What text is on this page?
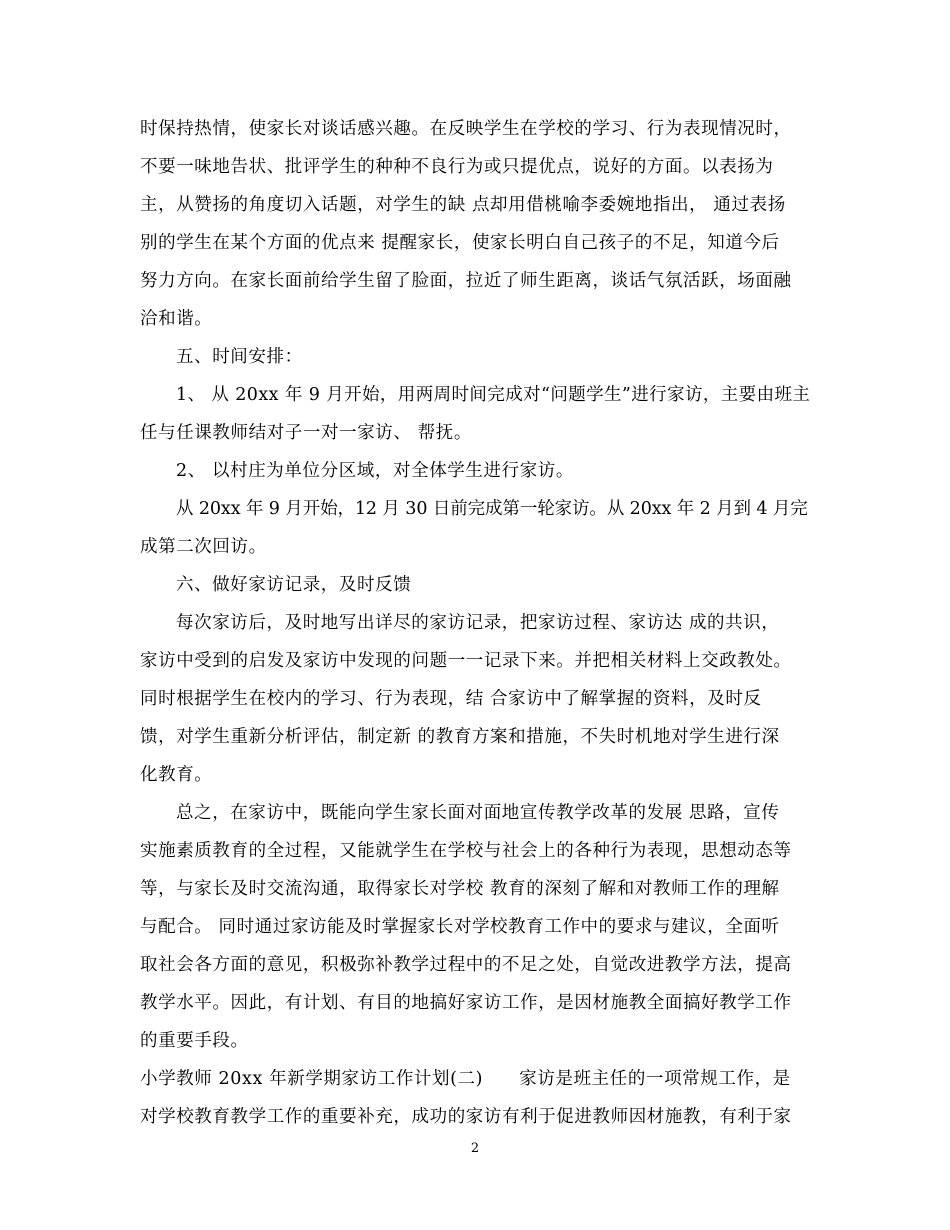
时保持热情，使家长对谈话感兴趣。在反映学生在学校的学习、行为表现情况时，
不要一味地告状、批评学生的种种不良行为或只提优点，说好的方面。以表扬为
主，从赞扬的角度切入话题，对学生的缺 点却用借桃喻李委婉地指出， 通过表扬
别的学生在某个方面的优点来 提醒家长，使家长明白自己孩子的不足，知道今后
努力方向。在家长面前给学生留了脸面，拉近了师生距离，谈话气氛活跃，场面融
洽和谐。
五、时间安排：
1、 从 20xx 年 9 月开始，用两周时间完成对“问题学生”进行家访，主要由班主
任与任课教师结对子一对一家访、 帮抚。
2、 以村庄为单位分区域，对全体学生进行家访。
从 20xx 年 9 月开始，12 月 30 日前完成第一轮家访。从 20xx 年 2 月到 4 月完
成第二次回访。
六、做好家访记录，及时反馈
每次家访后，及时地写出详尽的家访记录，把家访过程、家访达 成的共识，
家访中受到的启发及家访中发现的问题一一记录下来。并把相关材料上交政教处。
同时根据学生在校内的学习、行为表现，结 合家访中了解掌握的资料，及时反
馈，对学生重新分析评估，制定新 的教育方案和措施，不失时机地对学生进行深
化教育。
总之，在家访中，既能向学生家长面对面地宣传教学改革的发展 思路，宣传
实施素质教育的全过程，又能就学生在学校与社会上的各种行为表现，思想动态等
等，与家长及时交流沟通，取得家长对学校 教育的深刻了解和对教师工作的理解
与配合。 同时通过家访能及时掌握家长对学校教育工作中的要求与建议，全面听
取社会各方面的意见，积极弥补教学过程中的不足之处，自觉改进教学方法，提高
教学水平。因此，有计划、有目的地搞好家访工作，是因材施教全面搞好教学工作
的重要手段。
小学教师 20xx 年新学期家访工作计划(二)　　家访是班主任的一项常规工作，是
对学校教育教学工作的重要补充，成功的家访有利于促进教师因材施教，有利于家
2
